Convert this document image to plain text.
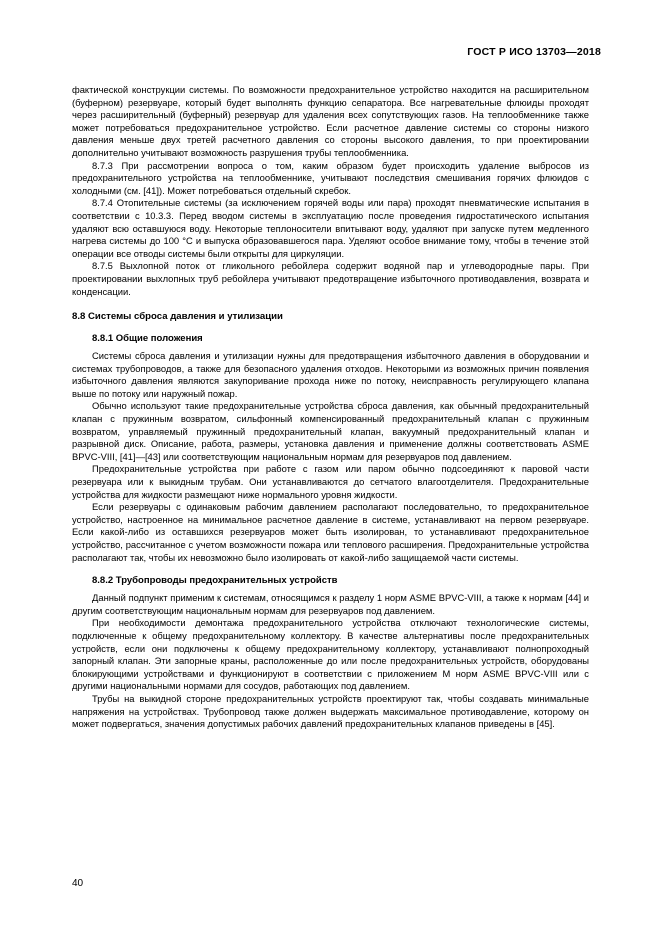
ГОСТ Р ИСО 13703—2018

фактической конструкции системы. По возможности предохранительное устройство находится на расширительном (буферном) резервуаре, который будет выполнять функцию сепаратора. Все нагревательные флюиды проходят через расширительный (буферный) резервуар для удаления всех сопутствующих газов. На теплообменнике также может потребоваться предохранительное устройство. Если расчетное давление системы со стороны низкого давления меньше двух третей расчетного давления со стороны высокого давления, то при проектировании дополнительно учитывают возможность разрушения трубы теплообменника.

8.7.3 При рассмотрении вопроса о том, каким образом будет происходить удаление выбросов из предохранительного устройства на теплообменнике, учитывают последствия смешивания горячих флюидов с холодными (см. [41]). Может потребоваться отдельный скребок.

8.7.4 Отопительные системы (за исключением горячей воды или пара) проходят пневматические испытания в соответствии с 10.3.3. Перед вводом системы в эксплуатацию после проведения гидростатического испытания удаляют всю оставшуюся воду. Некоторые теплоносители впитывают воду, удаляют при запуске путем медленного нагрева системы до 100 °С и выпуска образовавшегося пара. Уделяют особое внимание тому, чтобы в течение этой операции все отводы системы были открыты для циркуляции.

8.7.5 Выхлопной поток от гликольного ребойлера содержит водяной пар и углеводородные пары. При проектировании выхлопных труб ребойлера учитывают предотвращение избыточного противодавления, возврата и конденсации.

8.8 Системы сброса давления и утилизации
8.8.1 Общие положения

Системы сброса давления и утилизации нужны для предотвращения избыточного давления в оборудовании и системах трубопроводов, а также для безопасного удаления отходов. Некоторыми из возможных причин появления избыточного давления являются закупоривание прохода ниже по потоку, неисправность регулирующего клапана выше по потоку или наружный пожар.

Обычно используют такие предохранительные устройства сброса давления, как обычный предохранительный клапан с пружинным возвратом, сильфонный компенсированный предохранительный клапан с пружинным возвратом, управляемый пружинный предохранительный клапан, вакуумный предохранительный клапан и разрывной диск. Описание, работа, размеры, установка давления и применение должны соответствовать ASME BPVC-VIII, [41]—[43] или соответствующим национальным нормам для резервуаров под давлением.

Предохранительные устройства при работе с газом или паром обычно подсоединяют к паровой части резервуара или к выкидным трубам. Они устанавливаются до сетчатого влагоотделителя. Предохранительные устройства для жидкости размещают ниже нормального уровня жидкости.

Если резервуары с одинаковым рабочим давлением располагают последовательно, то предохранительное устройство, настроенное на минимальное расчетное давление в системе, устанавливают на первом резервуаре. Если какой-либо из оставшихся резервуаров может быть изолирован, то устанавливают предохранительное устройство, рассчитанное с учетом возможности пожара или теплового расширения. Предохранительные устройства располагают так, чтобы их невозможно было изолировать от какой-либо защищаемой части системы.

8.8.2 Трубопроводы предохранительных устройств

Данный подпункт применим к системам, относящимся к разделу 1 норм ASME BPVC-VIII, а также к нормам [44] и другим соответствующим национальным нормам для резервуаров под давлением.

При необходимости демонтажа предохранительного устройства отключают технологические системы, подключенные к общему предохранительному коллектору. В качестве альтернативы после предохранительных устройств, если они подключены к общему предохранительному коллектору, устанавливают полнопроходный запорный клапан. Эти запорные краны, расположенные до или после предохранительных устройств, оборудованы блокирующими устройствами и функционируют в соответствии с приложением М норм ASME BPVC-VIII или с другими национальными нормами для сосудов, работающих под давлением.

Трубы на выкидной стороне предохранительных устройств проектируют так, чтобы создавать минимальные напряжения на устройствах. Трубопровод также должен выдержать максимальное противодавление, которому он может подвергаться, значения допустимых рабочих давлений предохранительных клапанов приведены в [45].

40
